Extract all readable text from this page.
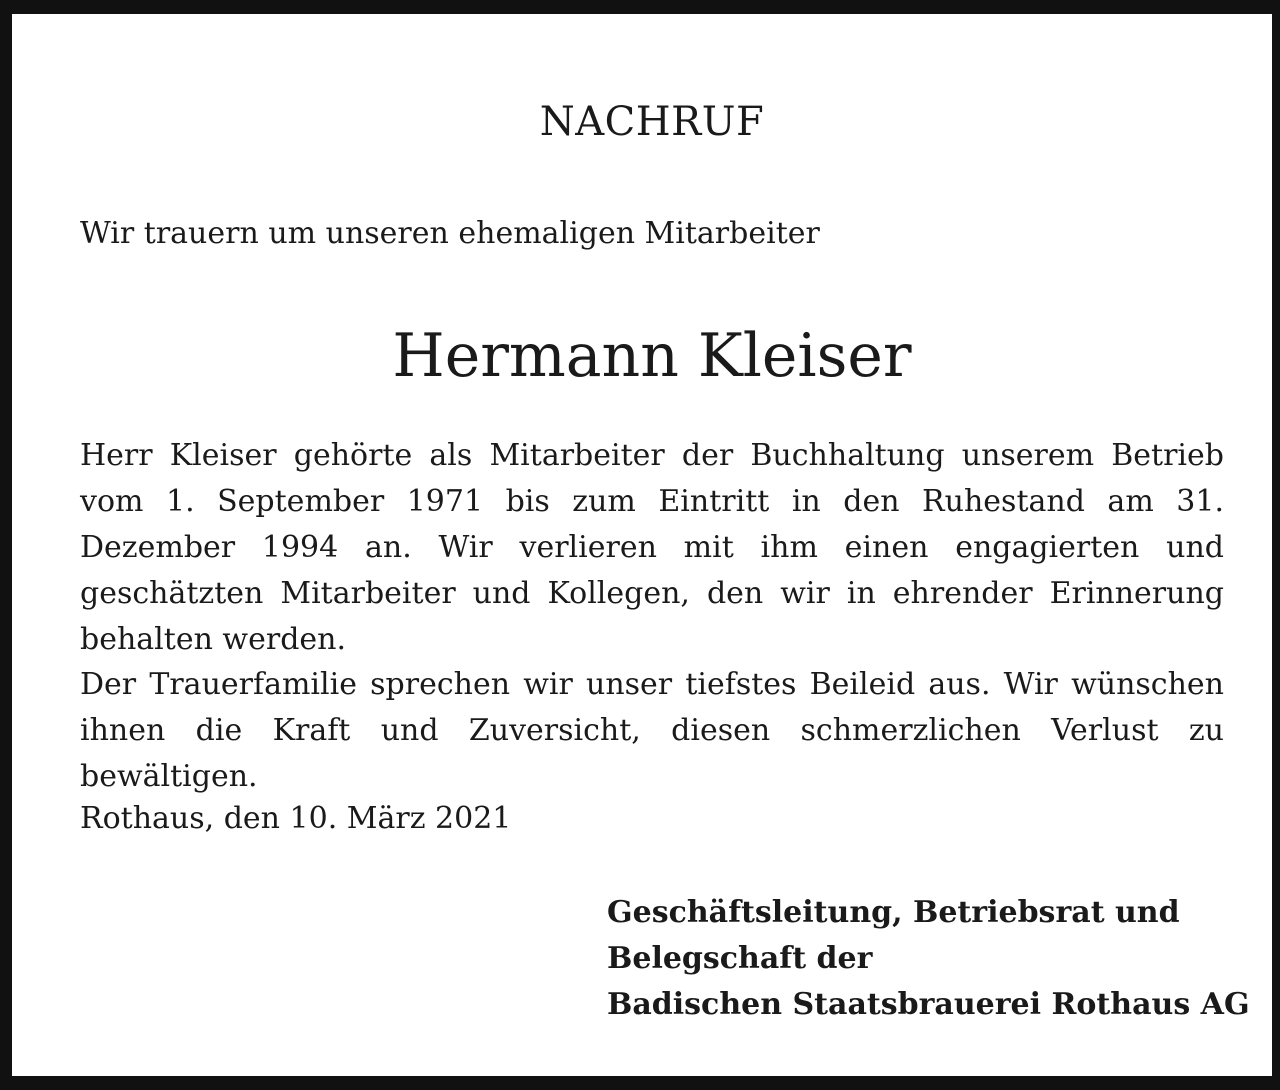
NACHRUF
Wir trauern um unseren ehemaligen Mitarbeiter
Hermann Kleiser
Herr Kleiser gehörte als Mitarbeiter der Buchhaltung unserem Betrieb vom 1. September 1971 bis zum Eintritt in den Ruhestand am 31. Dezember 1994 an. Wir verlieren mit ihm einen engagierten und geschätzten Mitarbeiter und Kollegen, den wir in ehrender Erinnerung behalten werden.
Der Trauerfamilie sprechen wir unser tiefstes Beileid aus. Wir wünschen ihnen die Kraft und Zuversicht, diesen schmerzlichen Verlust zu bewältigen.
Rothaus, den 10. März 2021
Geschäftsleitung, Betriebsrat und
Belegschaft der
Badischen Staatsbrauerei Rothaus AG
